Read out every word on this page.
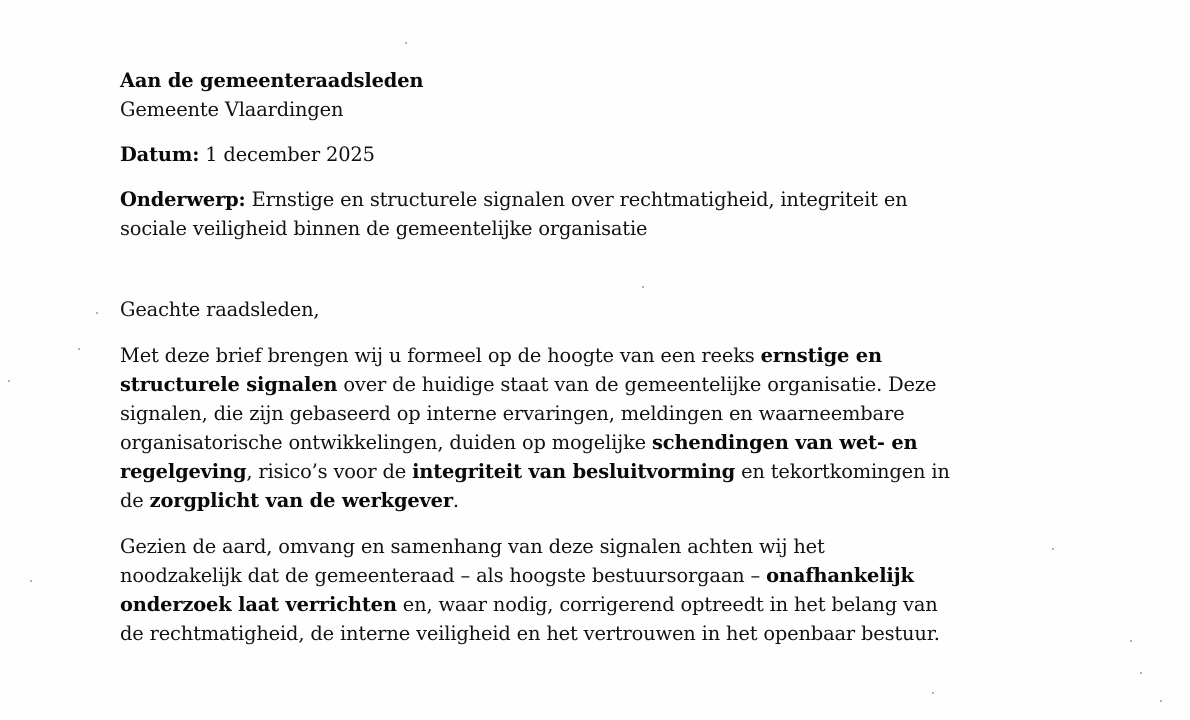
Aan de gemeenteraadsleden
Gemeente Vlaardingen
Datum: 1 december 2025
Onderwerp: Ernstige en structurele signalen over rechtmatigheid, integriteit en
sociale veiligheid binnen de gemeentelijke organisatie
Geachte raadsleden,
Met deze brief brengen wij u formeel op de hoogte van een reeks ernstige en
structurele signalen over de huidige staat van de gemeentelijke organisatie. Deze
signalen, die zijn gebaseerd op interne ervaringen, meldingen en waarneembare
organisatorische ontwikkelingen, duiden op mogelijke schendingen van wet- en
regelgeving, risico’s voor de integriteit van besluitvorming en tekortkomingen in
de zorgplicht van de werkgever.
Gezien de aard, omvang en samenhang van deze signalen achten wij het
noodzakelijk dat de gemeenteraad – als hoogste bestuursorgaan – onafhankelijk
onderzoek laat verrichten en, waar nodig, corrigerend optreedt in het belang van
de rechtmatigheid, de interne veiligheid en het vertrouwen in het openbaar bestuur.
